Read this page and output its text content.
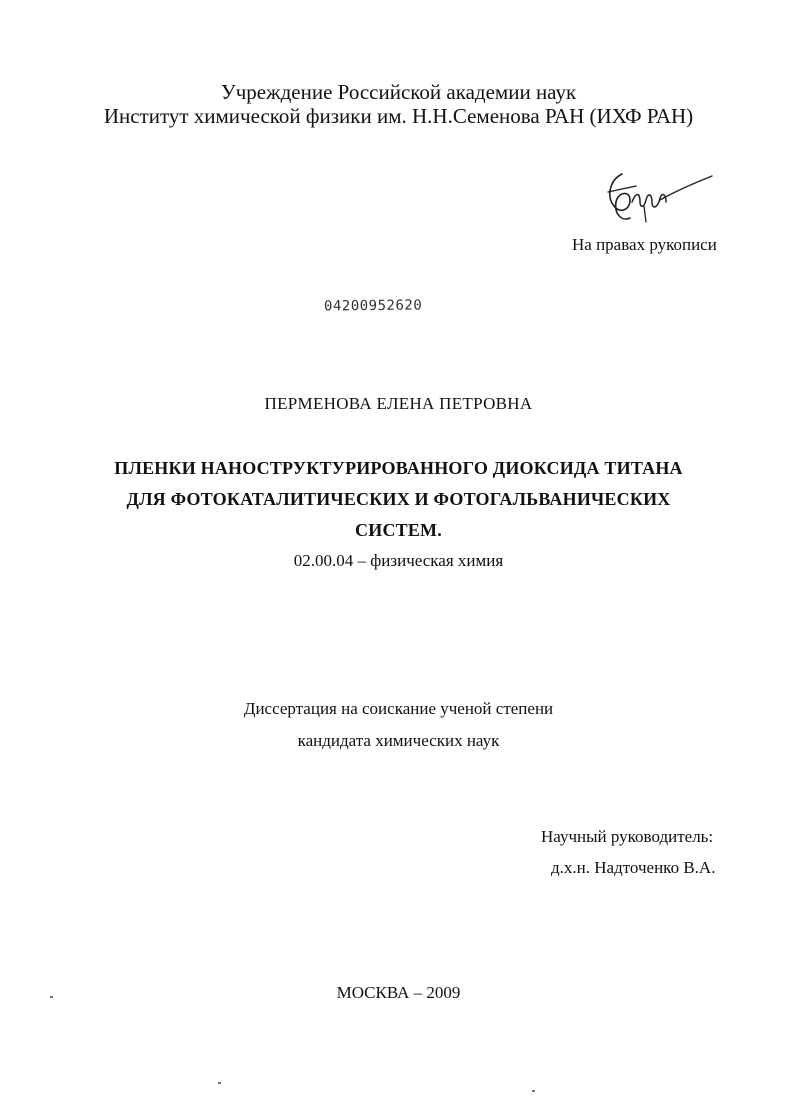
Учреждение Российской академии наук
Институт химической физики им. Н.Н.Семенова РАН (ИХФ РАН)
На правах рукописи
04200952620
ПЕРМЕНОВА ЕЛЕНА ПЕТРОВНА
ПЛЕНКИ НАНОСТРУКТУРИРОВАННОГО ДИОКСИДА ТИТАНА
ДЛЯ ФОТОКАТАЛИТИЧЕСКИХ И ФОТОГАЛЬВАНИЧЕСКИХ
СИСТЕМ.
02.00.04 – физическая химия
Диссертация на соискание ученой степени
кандидата химических наук
Научный руководитель:
д.х.н. Надточенко В.А.
МОСКВА – 2009
